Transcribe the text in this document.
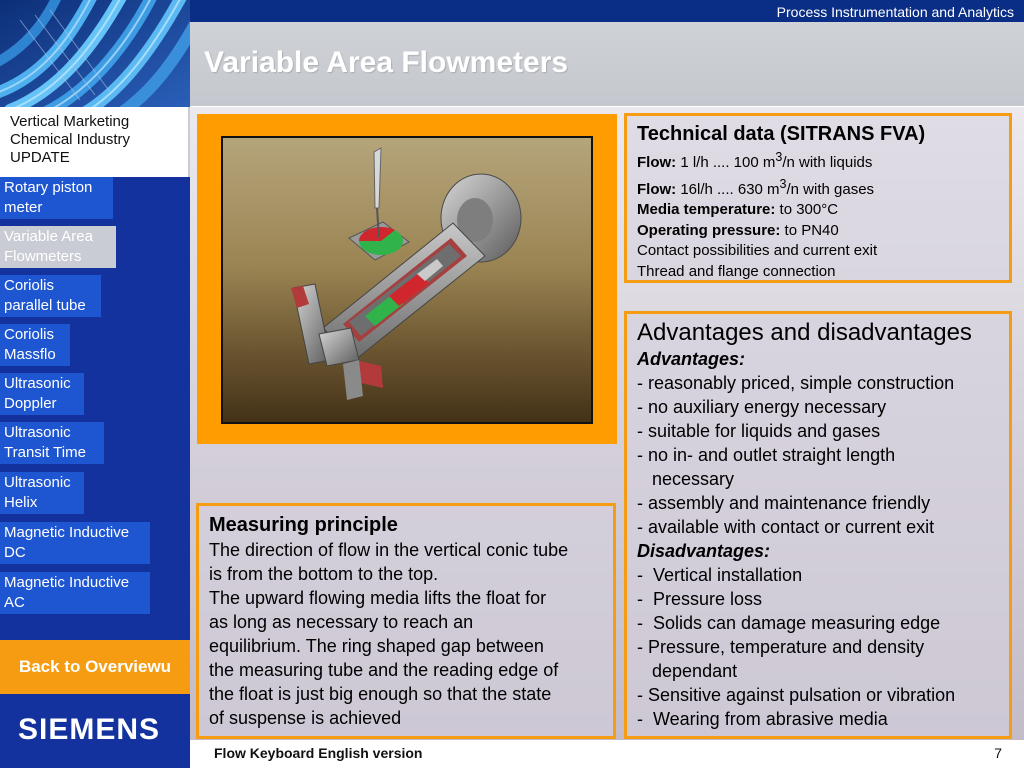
Process Instrumentation and Analytics
Variable Area Flowmeters
Vertical Marketing
Chemical Industry
UPDATE
Rotary piston
meter
Variable Area
Flowmeters
Coriolis
parallel tube
Coriolis
Massflo
Ultrasonic
Doppler
Ultrasonic
Transit Time
Ultrasonic
Helix
Magnetic Inductive
DC
Magnetic Inductive
AC
Back to Overviewu
SIEMENS
Technical data (SITRANS FVA)
Flow: 1 l/h .... 100 $m^3/n$ with liquids
Flow: 16l/h .... 630 $m^3/n$ with gases
Media temperature: to 300°C
Operating pressure: to PN40
Contact possibilities and current exit
Thread and flange connection
Advantages and disadvantages
Advantages:
- reasonably priced, simple construction
- no auxiliary energy necessary
- suitable for liquids and gases
- no in- and outlet straight length
necessary
- assembly and maintenance friendly
- available with contact or current exit
Disadvantages:
-  Vertical installation
-  Pressure loss
-  Solids can damage measuring edge
- Pressure, temperature and density
dependant
- Sensitive against pulsation or vibration
-  Wearing from abrasive media
Measuring principle
The direction of flow in the vertical conic tube
is from the bottom to the top.
The upward flowing media lifts the float for
as long as necessary to reach an
equilibrium. The ring shaped gap between
the measuring tube and the reading edge of
the float is just big enough so that the state
of suspense is achieved
Flow Keyboard English version	7
